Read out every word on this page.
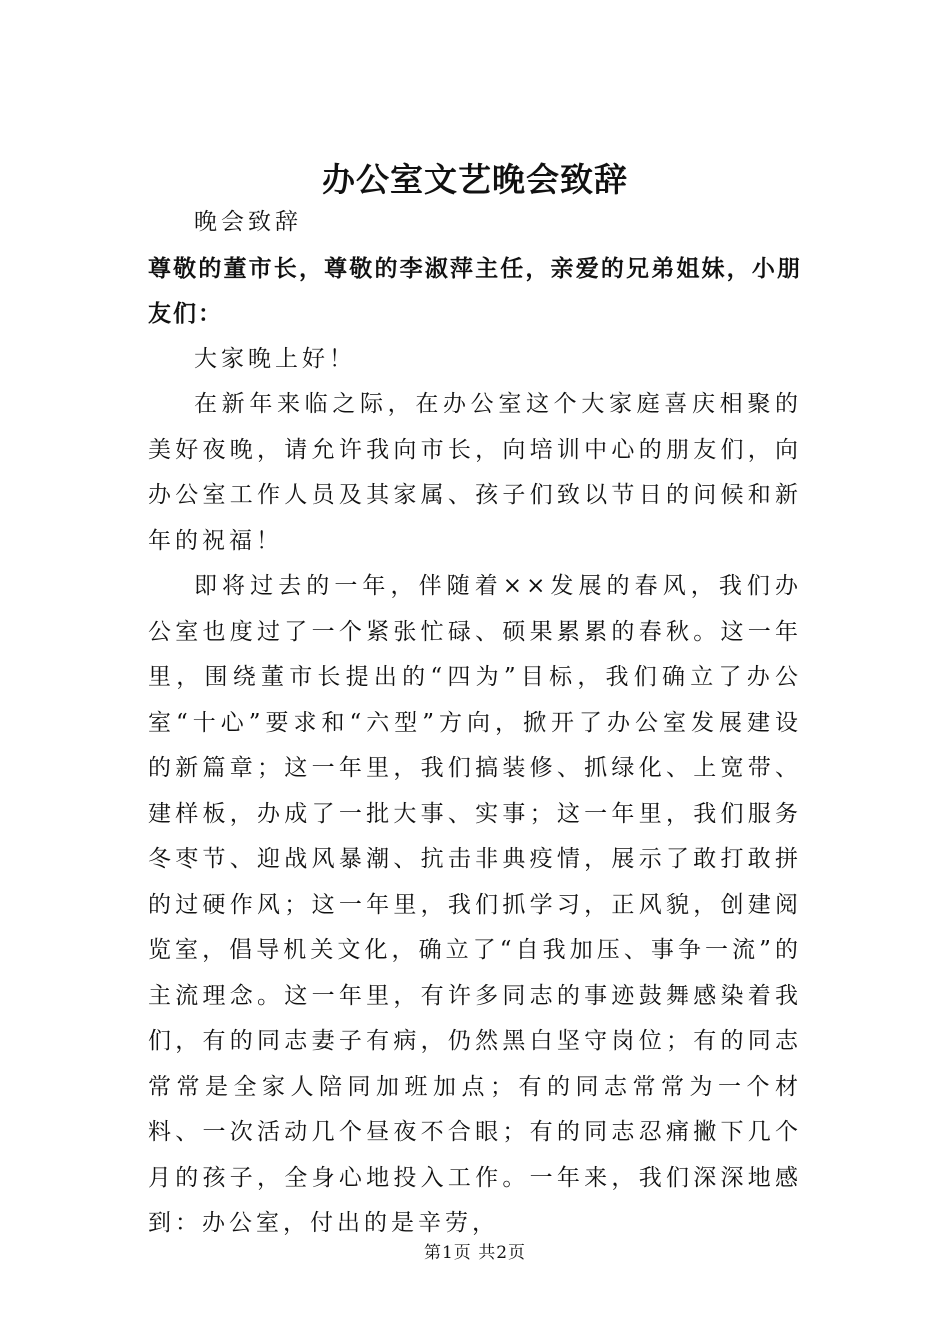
办公室文艺晚会致辞

晚会致辞

尊敬的董市长，尊敬的李淑萍主任，亲爱的兄弟姐妹，小朋友们：

大家晚上好！

在新年来临之际，在办公室这个大家庭喜庆相聚的美好夜晚，请允许我向市长，向培训中心的朋友们，向办公室工作人员及其家属、孩子们致以节日的问候和新年的祝福！

即将过去的一年，伴随着××发展的春风，我们办公室也度过了一个紧张忙碌、硕果累累的春秋。这一年里，围绕董市长提出的“四为”目标，我们确立了办公室“十心”要求和“六型”方向，掀开了办公室发展建设的新篇章；这一年里，我们搞装修、抓绿化、上宽带、建样板，办成了一批大事、实事；这一年里，我们服务冬枣节、迎战风暴潮、抗击非典疫情，展示了敢打敢拼的过硬作风；这一年里，我们抓学习，正风貌，创建阅览室，倡导机关文化，确立了“自我加压、事争一流”的主流理念。这一年里，有许多同志的事迹鼓舞感染着我们，有的同志妻子有病，仍然黑白坚守岗位；有的同志常常是全家人陪同加班加点；有的同志常常为一个材料、一次活动几个昼夜不合眼；有的同志忍痛撇下几个月的孩子，全身心地投入工作。一年来，我们深深地感到：办公室，付出的是辛劳，

第1页 共2页
